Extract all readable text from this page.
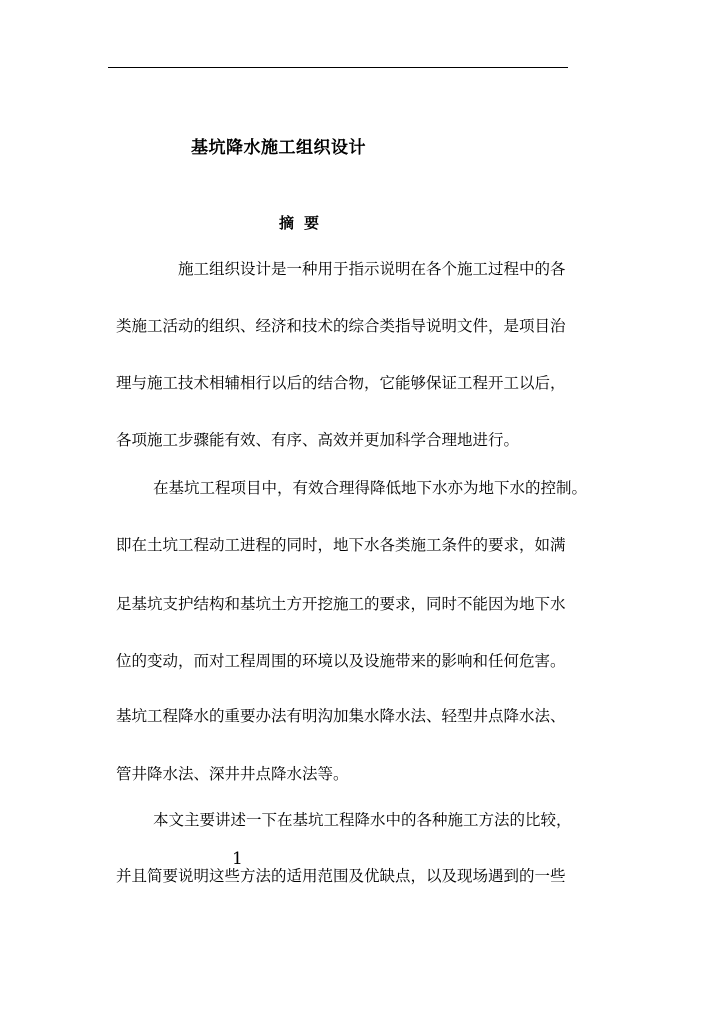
基坑降水施工组织设计
摘 要
施工组织设计是一种用于指示说明在各个施工过程中的各
类施工活动的组织、经济和技术的综合类指导说明文件，是项目治
理与施工技术相辅相行以后的结合物，它能够保证工程开工以后，
各项施工步骤能有效、有序、高效并更加科学合理地进行。
在基坑工程项目中，有效合理得降低地下水亦为地下水的控制。
即在土坑工程动工进程的同时，地下水各类施工条件的要求，如满
足基坑支护结构和基坑土方开挖施工的要求，同时不能因为地下水
位的变动，而对工程周围的环境以及设施带来的影响和任何危害。
基坑工程降水的重要办法有明沟加集水降水法、轻型井点降水法、
管井降水法、深井井点降水法等。
本文主要讲述一下在基坑工程降水中的各种施工方法的比较，
并且简要说明这些方法的适用范围及优缺点，以及现场遇到的一些
1
